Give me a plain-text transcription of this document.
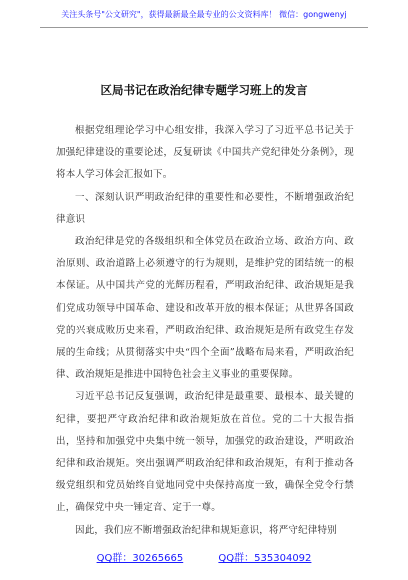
关注头条号"公文研究"，获得最新最全最专业的公文资料库！ 微信：gongwenyj
区局书记在政治纪律专题学习班上的发言

根据党组理论学习中心组安排，我深入学习了习近平总书记关于加强纪律建设的重要论述，反复研读《中国共产党纪律处分条例》，现将本人学习体会汇报如下。

一、深刻认识严明政治纪律的重要性和必要性，不断增强政治纪律意识

政治纪律是党的各级组织和全体党员在政治立场、政治方向、政治原则、政治道路上必须遵守的行为规则，是维护党的团结统一的根本保证。从中国共产党的光辉历程看，严明政治纪律、政治规矩是我们党成功领导中国革命、建设和改革开放的根本保证；从世界各国政党的兴衰成败历史来看，严明政治纪律、政治规矩是所有政党生存发展的生命线；从贯彻落实中央“四个全面”战略布局来看，严明政治纪律、政治规矩是推进中国特色社会主义事业的重要保障。

习近平总书记反复强调，政治纪律是最重要、最根本、最关键的纪律，要把严守政治纪律和政治规矩放在首位。党的二十大报告指出，坚持和加强党中央集中统一领导，加强党的政治建设，严明政治纪律和政治规矩。突出强调严明政治纪律和政治规矩，有利于推动各级党组织和党员始终自觉地同党中央保持高度一致，确保全党令行禁止，确保党中央一锤定音、定于一尊。

因此，我们应不断增强政治纪律和规矩意识，将严守纪律特别

QQ群：30265665	QQ群：535304092
